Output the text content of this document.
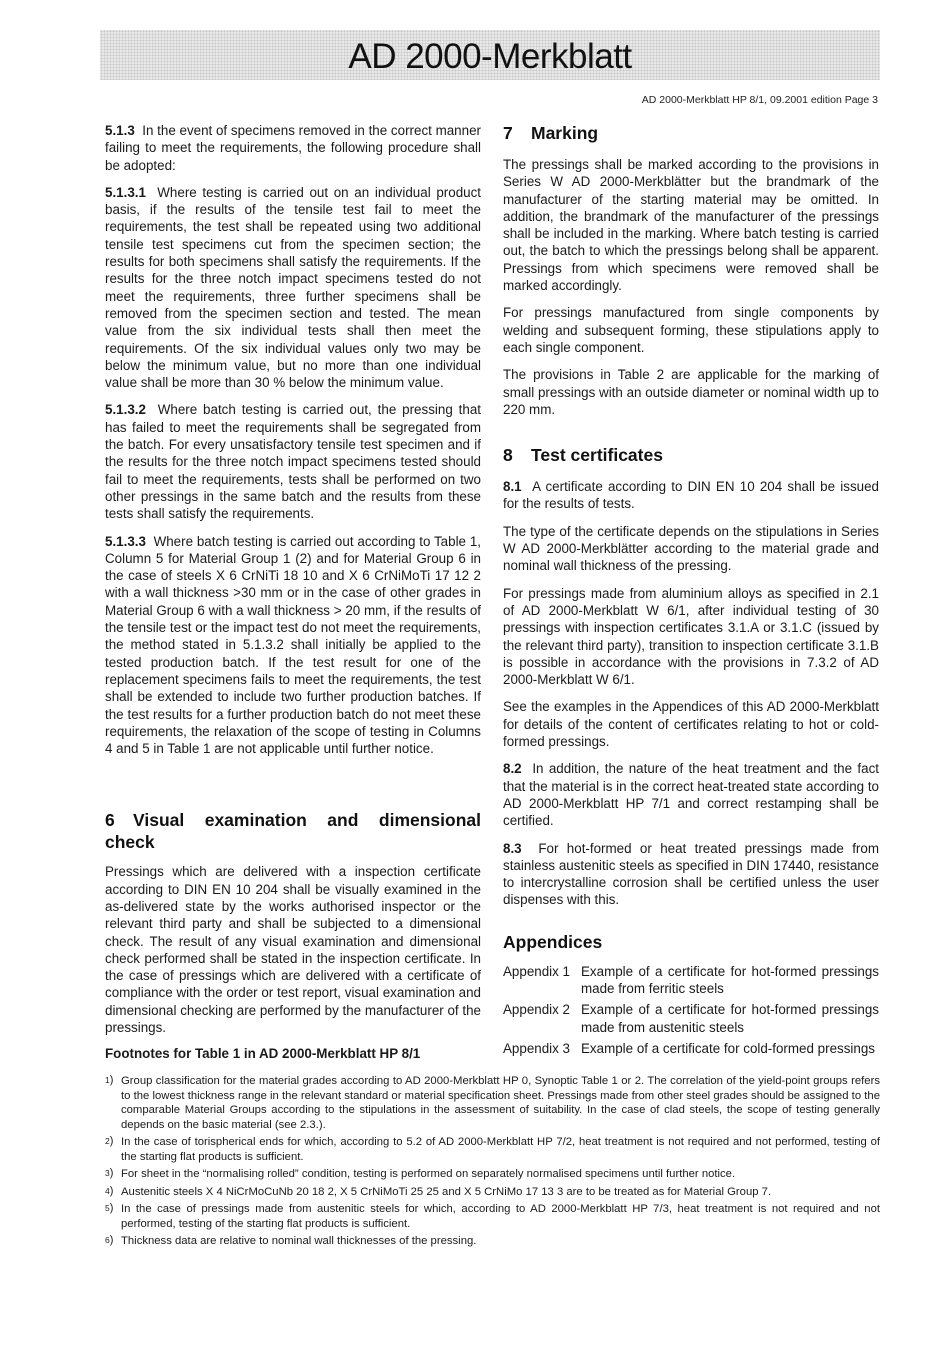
AD 2000-Merkblatt
AD 2000-Merkblatt HP 8/1, 09.2001 edition Page 3

5.1.3 In the event of specimens removed in the correct manner failing to meet the requirements, the following procedure shall be adopted:

5.1.3.1 Where testing is carried out on an individual product basis, if the results of the tensile test fail to meet the requirements, the test shall be repeated using two additional tensile test specimens cut from the specimen section; the results for both specimens shall satisfy the requirements. If the results for the three notch impact specimens tested do not meet the requirements, three further specimens shall be removed from the specimen section and tested. The mean value from the six individual tests shall then meet the requirements. Of the six individual values only two may be below the minimum value, but no more than one individual value shall be more than 30 % below the minimum value.

5.1.3.2 Where batch testing is carried out, the pressing that has failed to meet the requirements shall be segregated from the batch. For every unsatisfactory tensile test specimen and if the results for the three notch impact specimens tested should fail to meet the requirements, tests shall be performed on two other pressings in the same batch and the results from these tests shall satisfy the requirements.

5.1.3.3 Where batch testing is carried out according to Table 1, Column 5 for Material Group 1 (2) and for Material Group 6 in the case of steels X 6 CrNiTi 18 10 and X 6 CrNiMoTi 17 12 2 with a wall thickness >30 mm or in the case of other grades in Material Group 6 with a wall thickness > 20 mm, if the results of the tensile test or the impact test do not meet the requirements, the method stated in 5.1.3.2 shall initially be applied to the tested production batch. If the test result for one of the replacement specimens fails to meet the requirements, the test shall be extended to include two further production batches. If the test results for a further production batch do not meet these requirements, the relaxation of the scope of testing in Columns 4 and 5 in Table 1 are not applicable until further notice.

6 Visual examination and dimensional check

Pressings which are delivered with a inspection certificate according to DIN EN 10 204 shall be visually examined in the as-delivered state by the works authorised inspector or the relevant third party and shall be subjected to a dimensional check. The result of any visual examination and dimensional check performed shall be stated in the inspection certificate. In the case of pressings which are delivered with a certificate of compliance with the order or test report, visual examination and dimensional checking are performed by the manufacturer of the pressings.

7 Marking

The pressings shall be marked according to the provisions in Series W AD 2000-Merkblätter but the brandmark of the manufacturer of the starting material may be omitted. In addition, the brandmark of the manufacturer of the pressings shall be included in the marking. Where batch testing is carried out, the batch to which the pressings belong shall be apparent. Pressings from which specimens were removed shall be marked accordingly.

For pressings manufactured from single components by welding and subsequent forming, these stipulations apply to each single component.

The provisions in Table 2 are applicable for the marking of small pressings with an outside diameter or nominal width up to 220 mm.

8 Test certificates

8.1 A certificate according to DIN EN 10 204 shall be issued for the results of tests.

The type of the certificate depends on the stipulations in Series W AD 2000-Merkblätter according to the material grade and nominal wall thickness of the pressing.

For pressings made from aluminium alloys as specified in 2.1 of AD 2000-Merkblatt W 6/1, after individual testing of 30 pressings with inspection certificates 3.1.A or 3.1.C (issued by the relevant third party), transition to inspection certificate 3.1.B is possible in accordance with the provisions in 7.3.2 of AD 2000-Merkblatt W 6/1.

See the examples in the Appendices of this AD 2000-Merkblatt for details of the content of certificates relating to hot or cold-formed pressings.

8.2 In addition, the nature of the heat treatment and the fact that the material is in the correct heat-treated state according to AD 2000-Merkblatt HP 7/1 and correct restamping shall be certified.

8.3 For hot-formed or heat treated pressings made from stainless austenitic steels as specified in DIN 17440, resistance to intercrystalline corrosion shall be certified unless the user dispenses with this.

Appendices
Appendix 1 Example of a certificate for hot-formed pressings made from ferritic steels
Appendix 2 Example of a certificate for hot-formed pressings made from austenitic steels
Appendix 3 Example of a certificate for cold-formed pressings
Footnotes for Table 1 in AD 2000-Merkblatt HP 8/1
1 ) Group classification for the material grades according to AD 2000-Merkblatt HP 0, Synoptic Table 1 or 2. The correlation of the yield-point groups refers to the lowest thickness range in the relevant standard or material specification sheet. Pressings made from other steel grades should be assigned to the comparable Material Groups according to the stipulations in the assessment of suitability. In the case of clad steels, the scope of testing generally depends on the basic material (see 2.3.).
2 ) In the case of torispherical ends for which, according to 5.2 of AD 2000-Merkblatt HP 7/2, heat treatment is not required and not performed, testing of the starting flat products is sufficient.
3 ) For sheet in the “normalising rolled” condition, testing is performed on separately normalised specimens until further notice.
4 ) Austenitic steels X 4 NiCrMoCuNb 20 18 2, X 5 CrNiMoTi 25 25 and X 5 CrNiMo 17 13 3 are to be treated as for Material Group 7.
5 ) In the case of pressings made from austenitic steels for which, according to AD 2000-Merkblatt HP 7/3, heat treatment is not required and not performed, testing of the starting flat products is sufficient.
6 ) Thickness data are relative to nominal wall thicknesses of the pressing.
